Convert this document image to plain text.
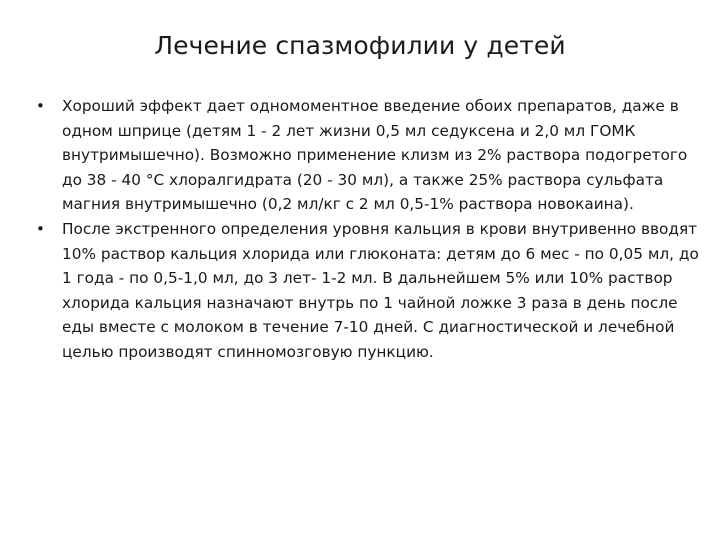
Лечение спазмофилии у детей
•	Хороший эффект дает одномоментное введение обоих препаратов, даже в одном шприце (детям 1 - 2 лет жизни 0,5 мл седуксена и 2,0 мл ГОМК внутримышечно). Возможно применение клизм из 2% раствора подогретого до 38 - 40 °С хлоралгидрата (20 - 30 мл), а также 25% раствора сульфата магния внутримышечно (0,2 мл/кг с 2 мл 0,5-1% раствора новокаина).
•	После экстренного определения уровня кальция в крови внутривенно вводят 10% раствор кальция хлорида или глюконата: детям до 6 мес - по 0,05 мл, до 1 года - по 0,5-1,0 мл, до 3 лет- 1-2 мл. В дальнейшем 5% или 10% раствор хлорида кальция назначают внутрь по 1 чайной ложке 3 раза в день после еды вместе с молоком в течение 7-10 дней. С диагностической и лечебной целью производят спинномозговую пункцию.
